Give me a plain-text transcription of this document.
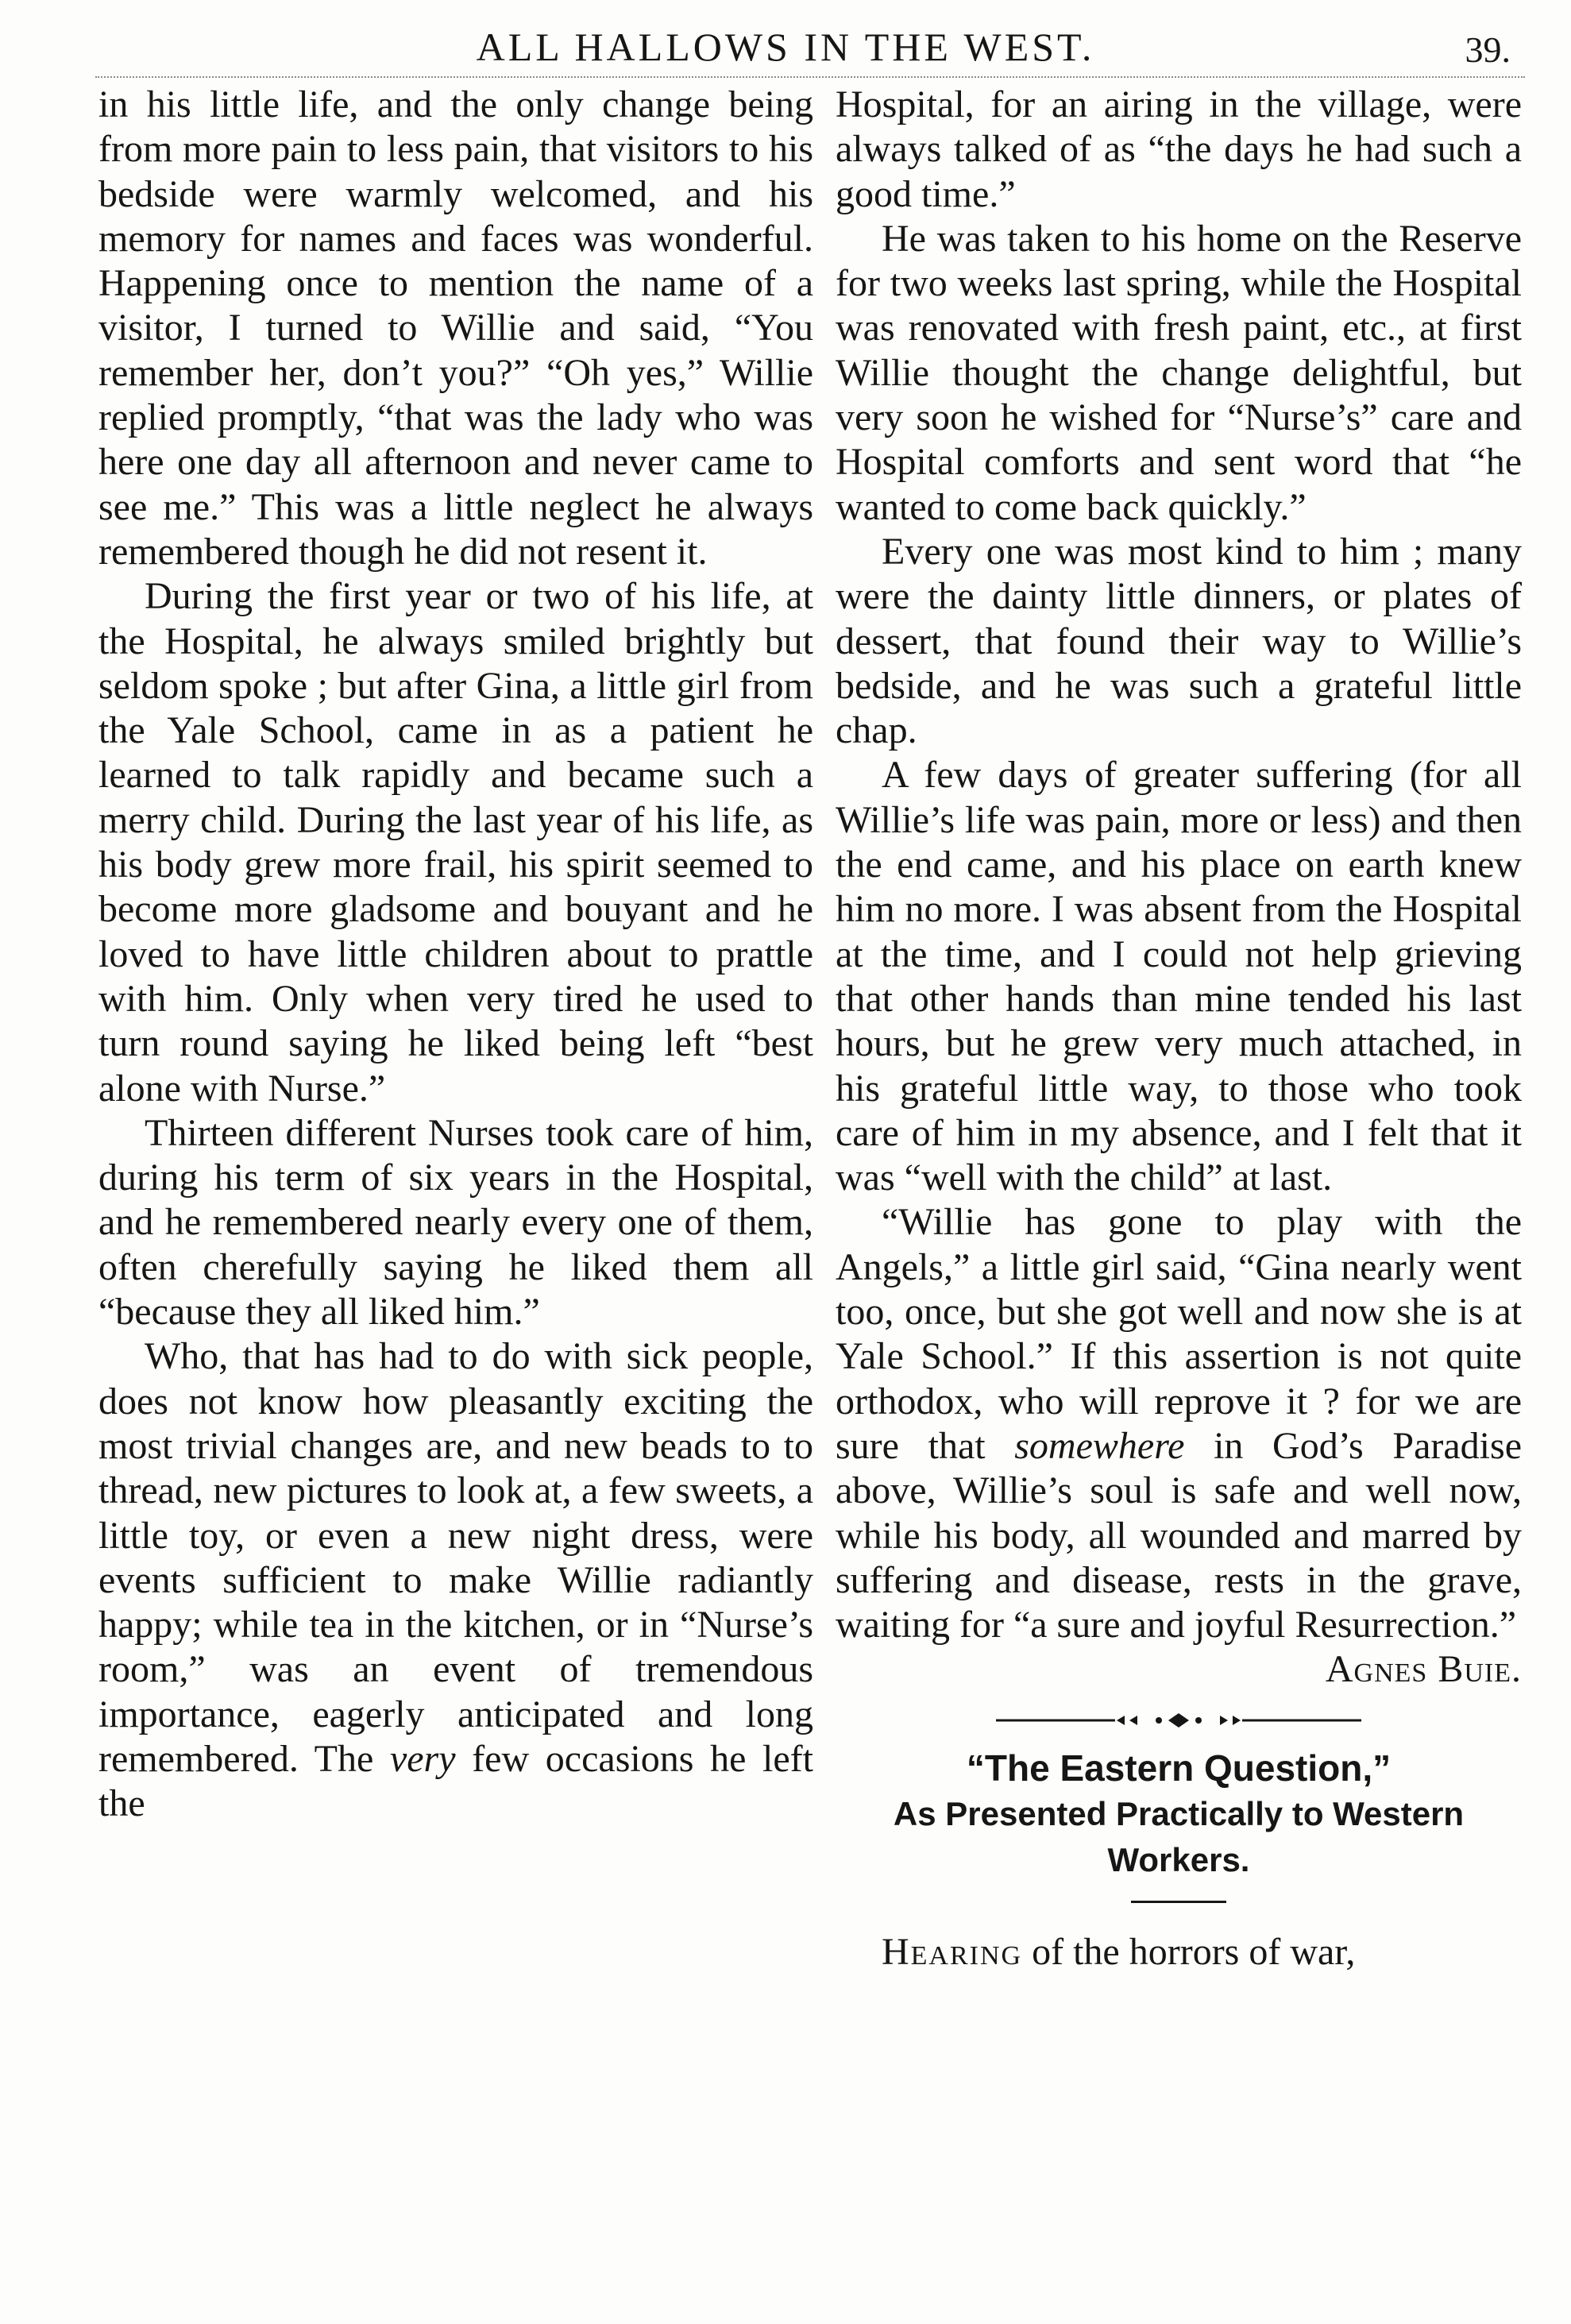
ALL HALLOWS IN THE WEST.	39.

in his little life, and the only change being from more pain to less pain, that visitors to his bedside were warmly welcomed, and his memory for names and faces was wonderful. Happening once to mention the name of a visitor, I turned to Willie and said, “You remember her, don’t you?” “Oh yes,” Willie replied promptly, “that was the lady who was here one day all afternoon and never came to see me.” This was a little neglect he always remembered though he did not resent it.

During the first year or two of his life, at the Hospital, he always smiled brightly but seldom spoke ; but after Gina, a little girl from the Yale School, came in as a patient he learned to talk rapidly and became such a merry child. During the last year of his life, as his body grew more frail, his spirit seemed to become more gladsome and bouyant and he loved to have little children about to prattle with him. Only when very tired he used to turn round saying he liked being left “best alone with Nurse.”

Thirteen different Nurses took care of him, during his term of six years in the Hospital, and he remembered nearly every one of them, often cherefully saying he liked them all “because they all liked him.”

Who, that has had to do with sick people, does not know how pleasantly exciting the most trivial changes are, and new beads to to thread, new pictures to look at, a few sweets, a little toy, or even a new night dress, were events sufficient to make Willie radiantly happy; while tea in the kitchen, or in “Nurse’s room,” was an event of tremendous importance, eagerly anticipated and long remembered. The very few occasions he left the

Hospital, for an airing in the village, were always talked of as “the days he had such a good time.”

He was taken to his home on the Reserve for two weeks last spring, while the Hospital was renovated with fresh paint, etc., at first Willie thought the change delightful, but very soon he wished for “Nurse’s” care and Hospital comforts and sent word that “he wanted to come back quickly.”

Every one was most kind to him ; many were the dainty little dinners, or plates of dessert, that found their way to Willie’s bedside, and he was such a grateful little chap.

A few days of greater suffering (for all Willie’s life was pain, more or less) and then the end came, and his place on earth knew him no more. I was absent from the Hospital at the time, and I could not help grieving that other hands than mine tended his last hours, but he grew very much attached, in his grateful little way, to those who took care of him in my absence, and I felt that it was “well with the child” at last.

“Willie has gone to play with the Angels,” a little girl said, “Gina nearly went too, once, but she got well and now she is at Yale School.” If this assertion is not quite orthodox, who will reprove it ? for we are sure that somewhere in God’s Paradise above, Willie’s soul is safe and well now, while his body, all wounded and marred by suffering and disease, rests in the grave, waiting for “a sure and joyful Resurrection.”

Agnes Buie.

“The Eastern Question,”
As Presented Practically to Western Workers.

Hearing of the horrors of war,
